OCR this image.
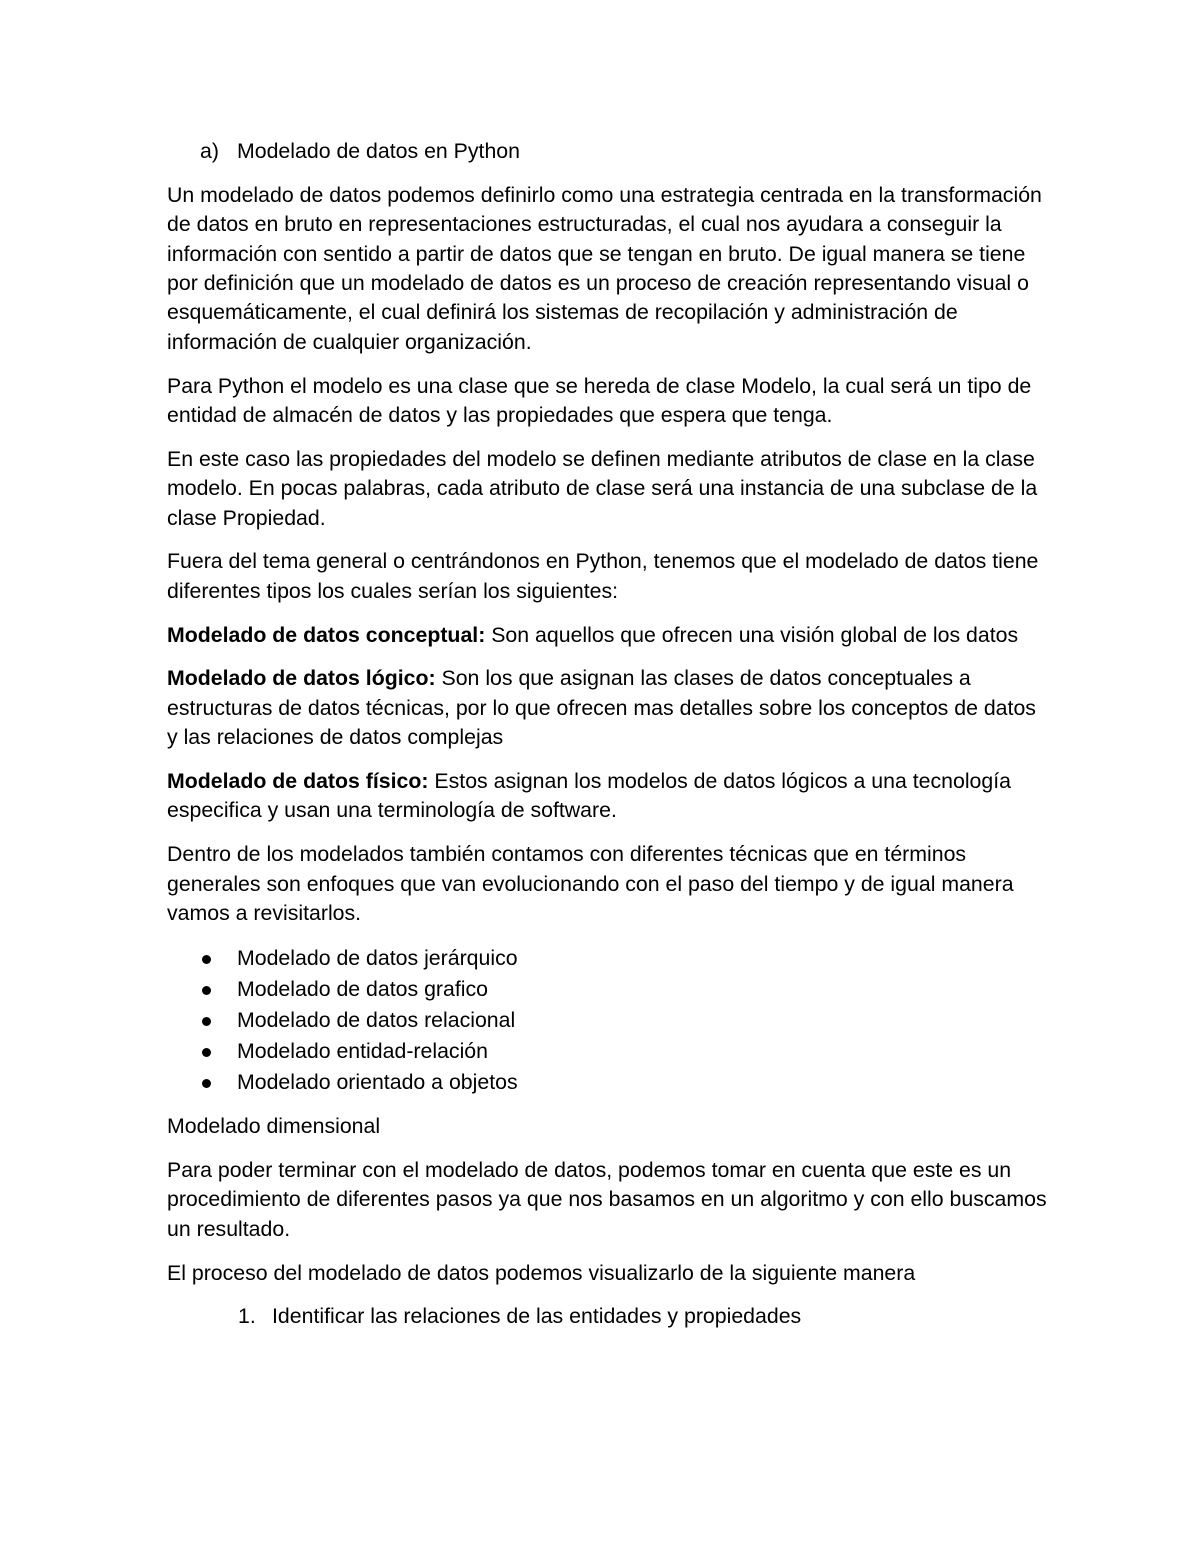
a) Modelado de datos en Python

Un modelado de datos podemos definirlo como una estrategia centrada en la transformación de datos en bruto en representaciones estructuradas, el cual nos ayudara a conseguir la información con sentido a partir de datos que se tengan en bruto. De igual manera se tiene por definición que un modelado de datos es un proceso de creación representando visual o esquemáticamente, el cual definirá los sistemas de recopilación y administración de información de cualquier organización.

Para Python el modelo es una clase que se hereda de clase Modelo, la cual será un tipo de entidad de almacén de datos y las propiedades que espera que tenga.

En este caso las propiedades del modelo se definen mediante atributos de clase en la clase modelo. En pocas palabras, cada atributo de clase será una instancia de una subclase de la clase Propiedad.

Fuera del tema general o centrándonos en Python, tenemos que el modelado de datos tiene diferentes tipos los cuales serían los siguientes:

Modelado de datos conceptual: Son aquellos que ofrecen una visión global de los datos

Modelado de datos lógico: Son los que asignan las clases de datos conceptuales a estructuras de datos técnicas, por lo que ofrecen mas detalles sobre los conceptos de datos y las relaciones de datos complejas

Modelado de datos físico: Estos asignan los modelos de datos lógicos a una tecnología especifica y usan una terminología de software.

Dentro de los modelados también contamos con diferentes técnicas que en términos generales son enfoques que van evolucionando con el paso del tiempo y de igual manera vamos a revisitarlos.

Modelado de datos jerárquico
Modelado de datos grafico
Modelado de datos relacional
Modelado entidad-relación
Modelado orientado a objetos

Modelado dimensional

Para poder terminar con el modelado de datos, podemos tomar en cuenta que este es un procedimiento de diferentes pasos ya que nos basamos en un algoritmo y con ello buscamos un resultado.

El proceso del modelado de datos podemos visualizarlo de la siguiente manera

1. Identificar las relaciones de las entidades y propiedades
